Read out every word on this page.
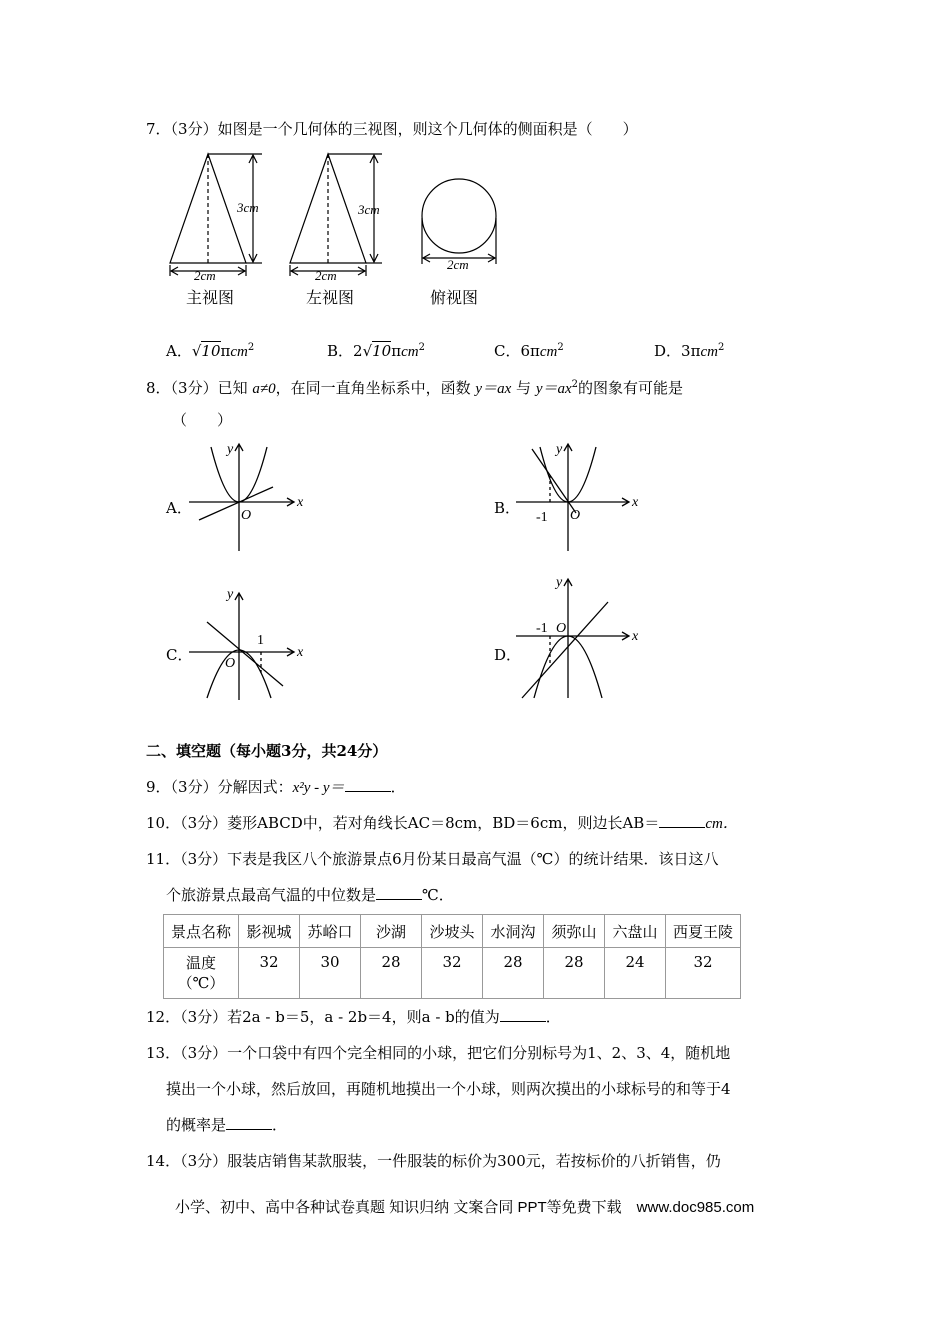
7．（3分）如图是一个几何体的三视图，则这个几何体的侧面积是（　　）
3cm
2cm
3cm
2cm
2cm
主视图	左视图	俯视图
A．√10πcm$^2$	B．2√10πcm$^2$	C．6πcm$^2$	D．3πcm$^2$
8．（3分）已知 a≠0，在同一直角坐标系中，函数 y＝ax 与 $y=ax^2$的图象有可能是
（　　）
A．	x
y
O	B．	x
y
O
-1
C．	x
y
O
1
D．
x
y
O
-1
二、填空题（每小题3分，共24分）
9．（3分）分解因式：x²y - y＝	．
10．（3分）菱形ABCD中，若对角线长AC＝8cm，BD＝6cm，则边长AB＝	cm．
11．（3分）下表是我区八个旅游景点6月份某日最高气温（℃）的统计结果．该日这八
个旅游景点最高气温的中位数是	℃．
景点名称	影视城	苏峪口	沙湖	沙坡头	水洞沟	须弥山	六盘山	西夏王陵

温度
（℃）	32	30	28	32	28	28	24	32
12．（3分）若2a - b＝5，a - 2b＝4，则a - b的值为	．
13．（3分）一个口袋中有四个完全相同的小球，把它们分别标号为1、2、3、4，随机地
摸出一个小球，然后放回，再随机地摸出一个小球，则两次摸出的小球标号的和等于4
的概率是	．
14．（3分）服装店销售某款服装，一件服装的标价为300元，若按标价的八折销售，仍
小学、初中、高中各种试卷真题 知识归纳 文案合同 PPT等免费下载　www.doc985.com
